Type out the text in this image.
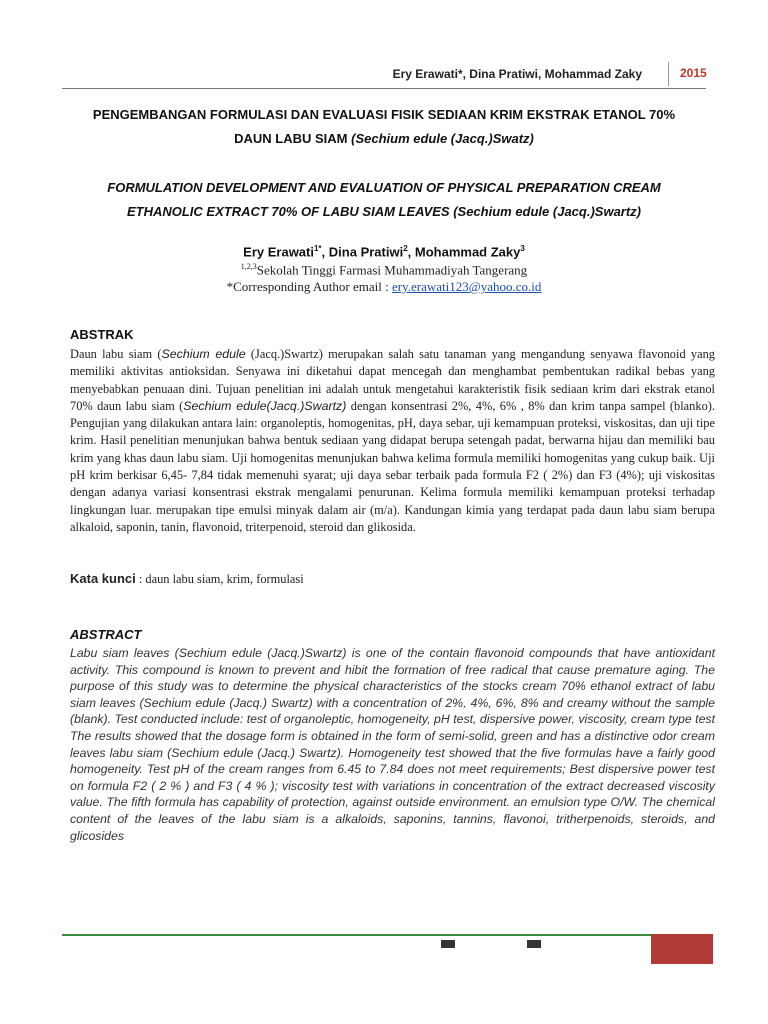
Ery Erawati*, Dina Pratiwi, Mohammad Zaky	2015
PENGEMBANGAN FORMULASI DAN EVALUASI FISIK SEDIAAN KRIM EKSTRAK ETANOL 70%
DAUN LABU SIAM (Sechium edule (Jacq.)Swatz)
FORMULATION DEVELOPMENT AND EVALUATION OF PHYSICAL PREPARATION CREAM
ETHANOLIC EXTRACT 70% OF LABU SIAM LEAVES (Sechium edule (Jacq.)Swartz)
Ery Erawati$^{1*}$, Dina Pratiwi$^2$, Mohammad Zaky$^3$
$^{1,2,3}$Sekolah Tinggi Farmasi Muhammadiyah Tangerang
*Corresponding Author email : ery.erawati123@yahoo.co.id
ABSTRAK
Daun labu siam (Sechium edule (Jacq.)Swartz) merupakan salah satu tanaman yang mengandung senyawa flavonoid yang memiliki aktivitas antioksidan. Senyawa ini diketahui dapat mencegah dan menghambat pembentukan radikal bebas yang menyebabkan penuaan dini. Tujuan penelitian ini adalah untuk mengetahui karakteristik fisik sediaan krim dari ekstrak etanol 70% daun labu siam (Sechium edule(Jacq.)Swartz) dengan konsentrasi 2%, 4%, 6% , 8% dan krim tanpa sampel (blanko). Pengujian yang dilakukan antara lain: organoleptis, homogenitas, pH, daya sebar, uji kemampuan proteksi, viskositas, dan uji tipe krim. Hasil penelitian menunjukan bahwa bentuk sediaan yang didapat berupa setengah padat, berwarna hijau dan memiliki bau krim yang khas daun labu siam. Uji homogenitas menunjukan bahwa kelima formula memiliki homogenitas yang cukup baik. Uji pH krim berkisar 6,45- 7,84 tidak memenuhi syarat; uji daya sebar terbaik pada formula F2 ( 2%) dan F3 (4%); uji viskositas dengan adanya variasi konsentrasi ekstrak mengalami penurunan. Kelima formula memiliki kemampuan proteksi terhadap lingkungan luar. merupakan tipe emulsi minyak dalam air (m/a). Kandungan kimia yang terdapat pada daun labu siam berupa alkaloid, saponin, tanin, flavonoid, triterpenoid, steroid dan glikosida.
Kata kunci : daun labu siam, krim, formulasi
ABSTRACT
Labu siam leaves (Sechium edule (Jacq.)Swartz) is one of the contain flavonoid compounds that have antioxidant activity. This compound is known to prevent and hibit the formation of free radical that cause premature aging. The purpose of this study was to determine the physical characteristics of the stocks cream 70% ethanol extract of labu siam leaves (Sechium edule (Jacq.) Swartz) with a concentration of 2%, 4%, 6%, 8% and creamy without the sample (blank). Test conducted include: test of organoleptic, homogeneity, pH test, dispersive power, viscosity, cream type test The results showed that the dosage form is obtained in the form of semi-solid, green and has a distinctive odor cream leaves labu siam (Sechium edule (Jacq.) Swartz). Homogeneity test showed that the five formulas have a fairly good homogeneity. Test pH of the cream ranges from 6.45 to 7.84 does not meet requirements; Best dispersive power test on formula F2 ( 2 % ) and F3 ( 4 % ); viscosity test with variations in concentration of the extract decreased viscosity value. The fifth formula has capability of protection, against outside environment. an emulsion type O/W. The chemical content of the leaves of the labu siam is a alkaloids, saponins, tannins, flavonoi, tritherpenoids, steroids, and glicosides
